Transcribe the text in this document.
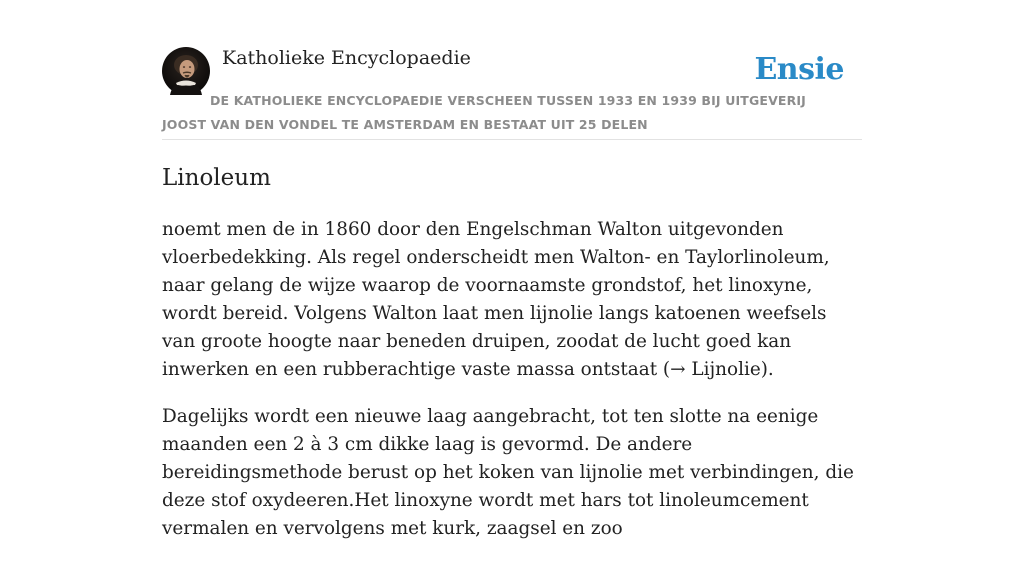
Katholieke Encyclopaedie	Ensie
DE KATHOLIEKE ENCYCLOPAEDIE VERSCHEEN TUSSEN 1933 EN 1939 BIJ UITGEVERIJ JOOST VAN DEN VONDEL TE AMSTERDAM EN BESTAAT UIT 25 DELEN
Linoleum

noemt men de in 1860 door den Engelschman Walton uitgevonden vloerbedekking. Als regel onderscheidt men Walton- en Taylorlinoleum, naar gelang de wijze waarop de voornaamste grondstof, het linoxyne, wordt bereid. Volgens Walton laat men lijnolie langs katoenen weefsels van groote hoogte naar beneden druipen, zoodat de lucht goed kan inwerken en een rubberachtige vaste massa ontstaat (→ Lijnolie).

Dagelijks wordt een nieuwe laag aangebracht, tot ten slotte na eenige maanden een 2 à 3 cm dikke laag is gevormd. De andere bereidingsmethode berust op het koken van lijnolie met verbindingen, die deze stof oxydeeren.Het linoxyne wordt met hars tot linoleumcement vermalen en vervolgens met kurk, zaagsel en zoo
